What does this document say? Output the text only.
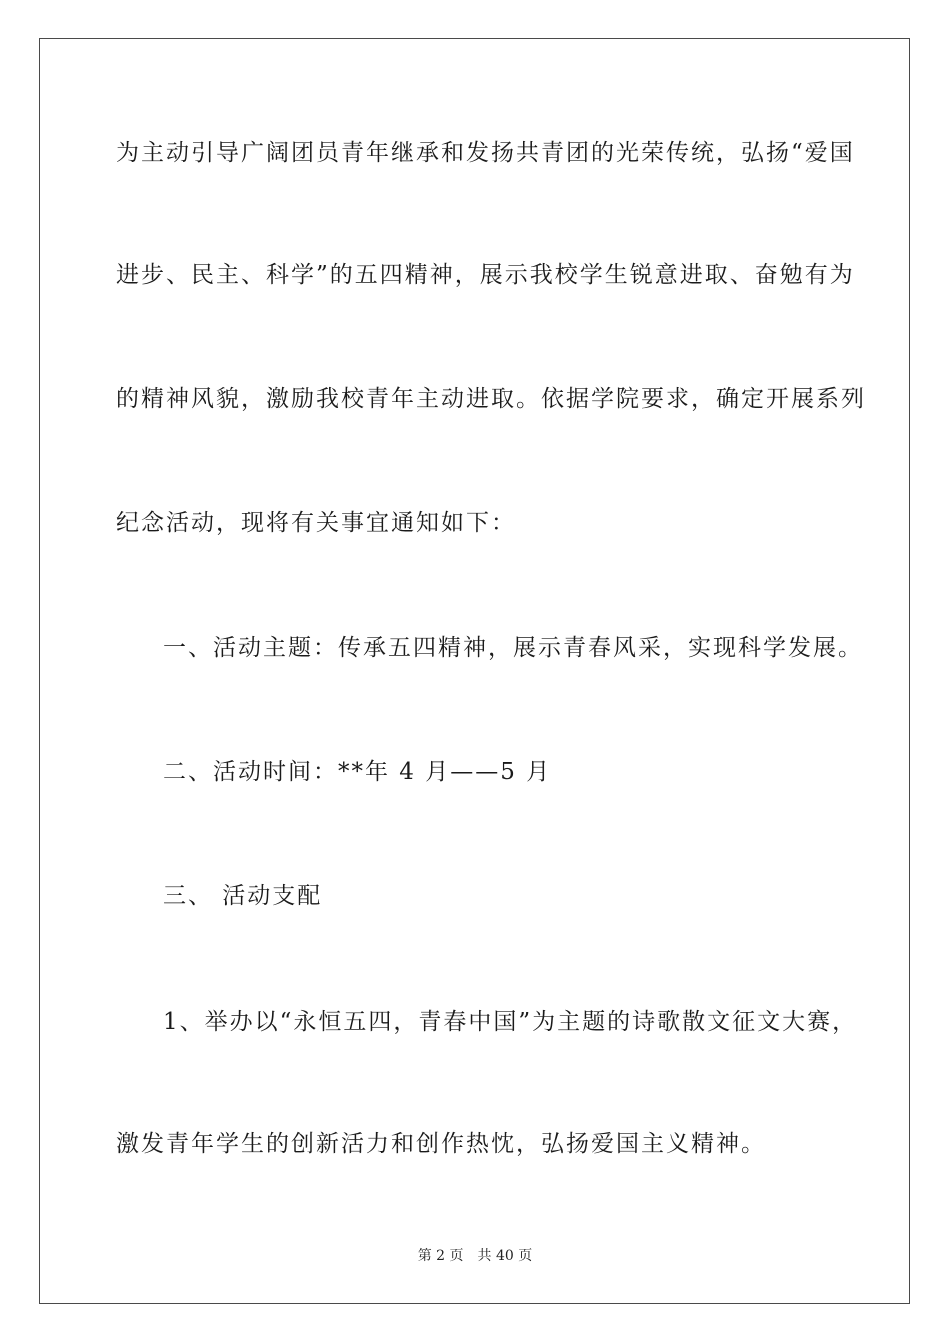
为主动引导广阔团员青年继承和发扬共青团的光荣传统，弘扬“爱国
进步、民主、科学”的五四精神，展示我校学生锐意进取、奋勉有为
的精神风貌，激励我校青年主动进取。依据学院要求，确定开展系列
纪念活动，现将有关事宜通知如下：
一、活动主题：传承五四精神，展示青春风采，实现科学发展。
二、活动时间：**年 4 月——5 月
三、 活动支配
1、举办以“永恒五四，青春中国”为主题的诗歌散文征文大赛，
激发青年学生的创新活力和创作热忱，弘扬爱国主义精神。
第 2 页 共 40 页
